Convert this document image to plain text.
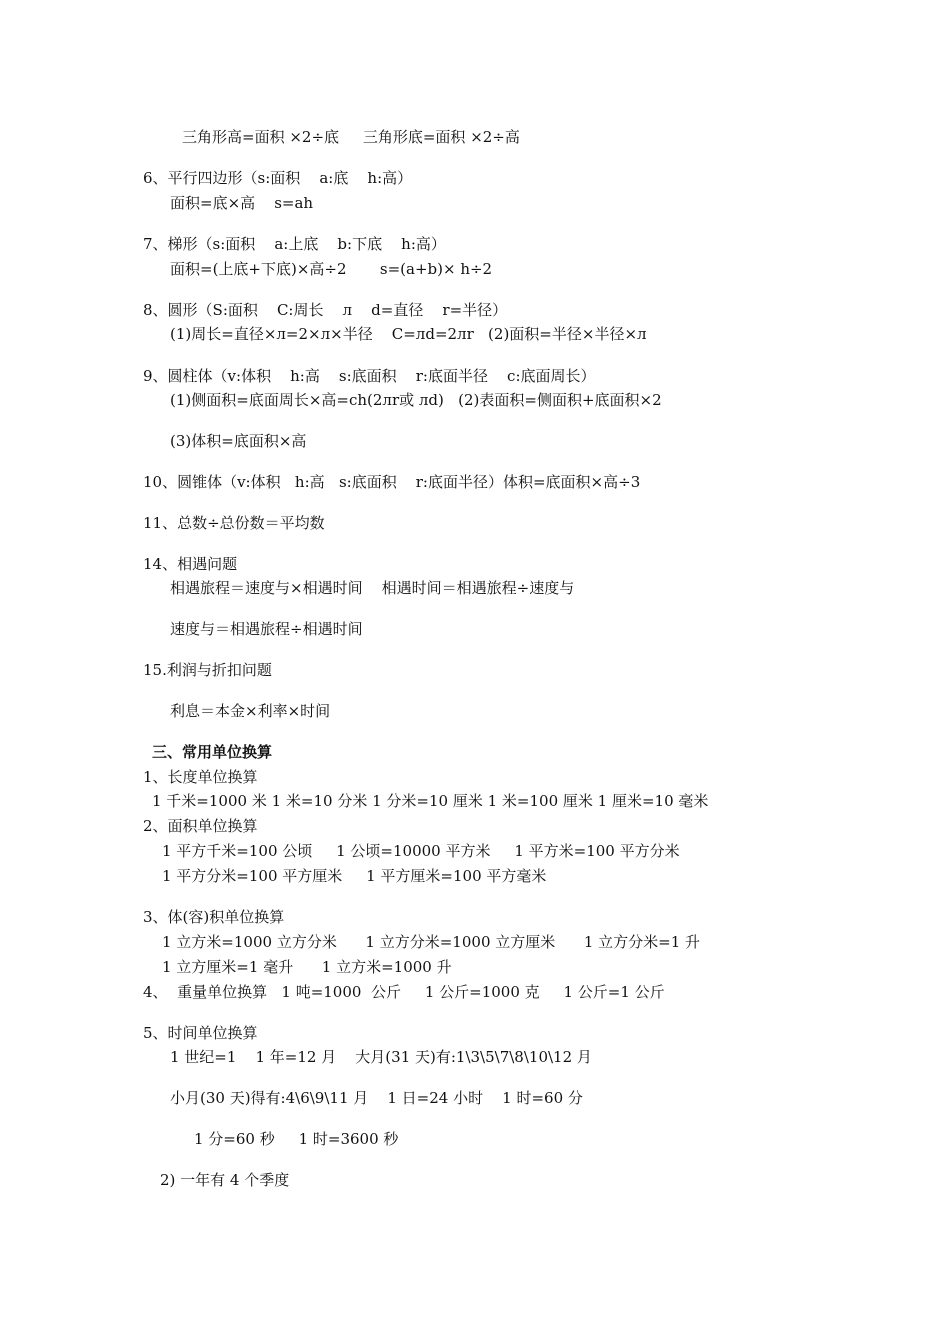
三角形高=面积 ×2÷底     三角形底=面积 ×2÷高
6、平行四边形（s:面积    a:底    h:高）
面积=底×高    s=ah
7、梯形（s:面积    a:上底    b:下底    h:高）
面积=(上底+下底)×高÷2       s=(a+b)× h÷2
8、圆形（S:面积    C:周长    л    d=直径    r=半径）
(1)周长=直径×л=2×л×半径    C=лd=2лr   (2)面积=半径×半径×л
9、圆柱体（v:体积    h:高    s:底面积    r:底面半径    c:底面周长）
(1)侧面积=底面周长×高=ch(2лr或 лd)   (2)表面积=侧面积+底面积×2
(3)体积=底面积×高
10、圆锥体（v:体积   h:高   s:底面积    r:底面半径）体积=底面积×高÷3
11、总数÷总份数＝平均数
14、相遇问题
相遇旅程＝速度与×相遇时间    相遇时间＝相遇旅程÷速度与
速度与＝相遇旅程÷相遇时间
15.利润与折扣问题
利息＝本金×利率×时间
三、常用单位换算
1、长度单位换算
1 千米=1000 米 1 米=10 分米 1 分米=10 厘米 1 米=100 厘米 1 厘米=10 毫米
2、面积单位换算
1 平方千米=100 公顷     1 公顷=10000 平方米     1 平方米=100 平方分米
1 平方分米=100 平方厘米     1 平方厘米=100 平方毫米
3、体(容)积单位换算
1 立方米=1000 立方分米      1 立方分米=1000 立方厘米      1 立方分米=1 升
1 立方厘米=1 毫升      1 立方米=1000 升
4、  重量单位换算   1 吨=1000  公斤     1 公斤=1000 克     1 公斤=1 公斤
5、时间单位换算
1 世纪=1    1 年=12 月    大月(31 天)有:1\3\5\7\8\10\12 月
小月(30 天)得有:4\6\9\11 月    1 日=24 小时    1 时=60 分
1 分=60 秒     1 时=3600 秒
2) 一年有 4 个季度
